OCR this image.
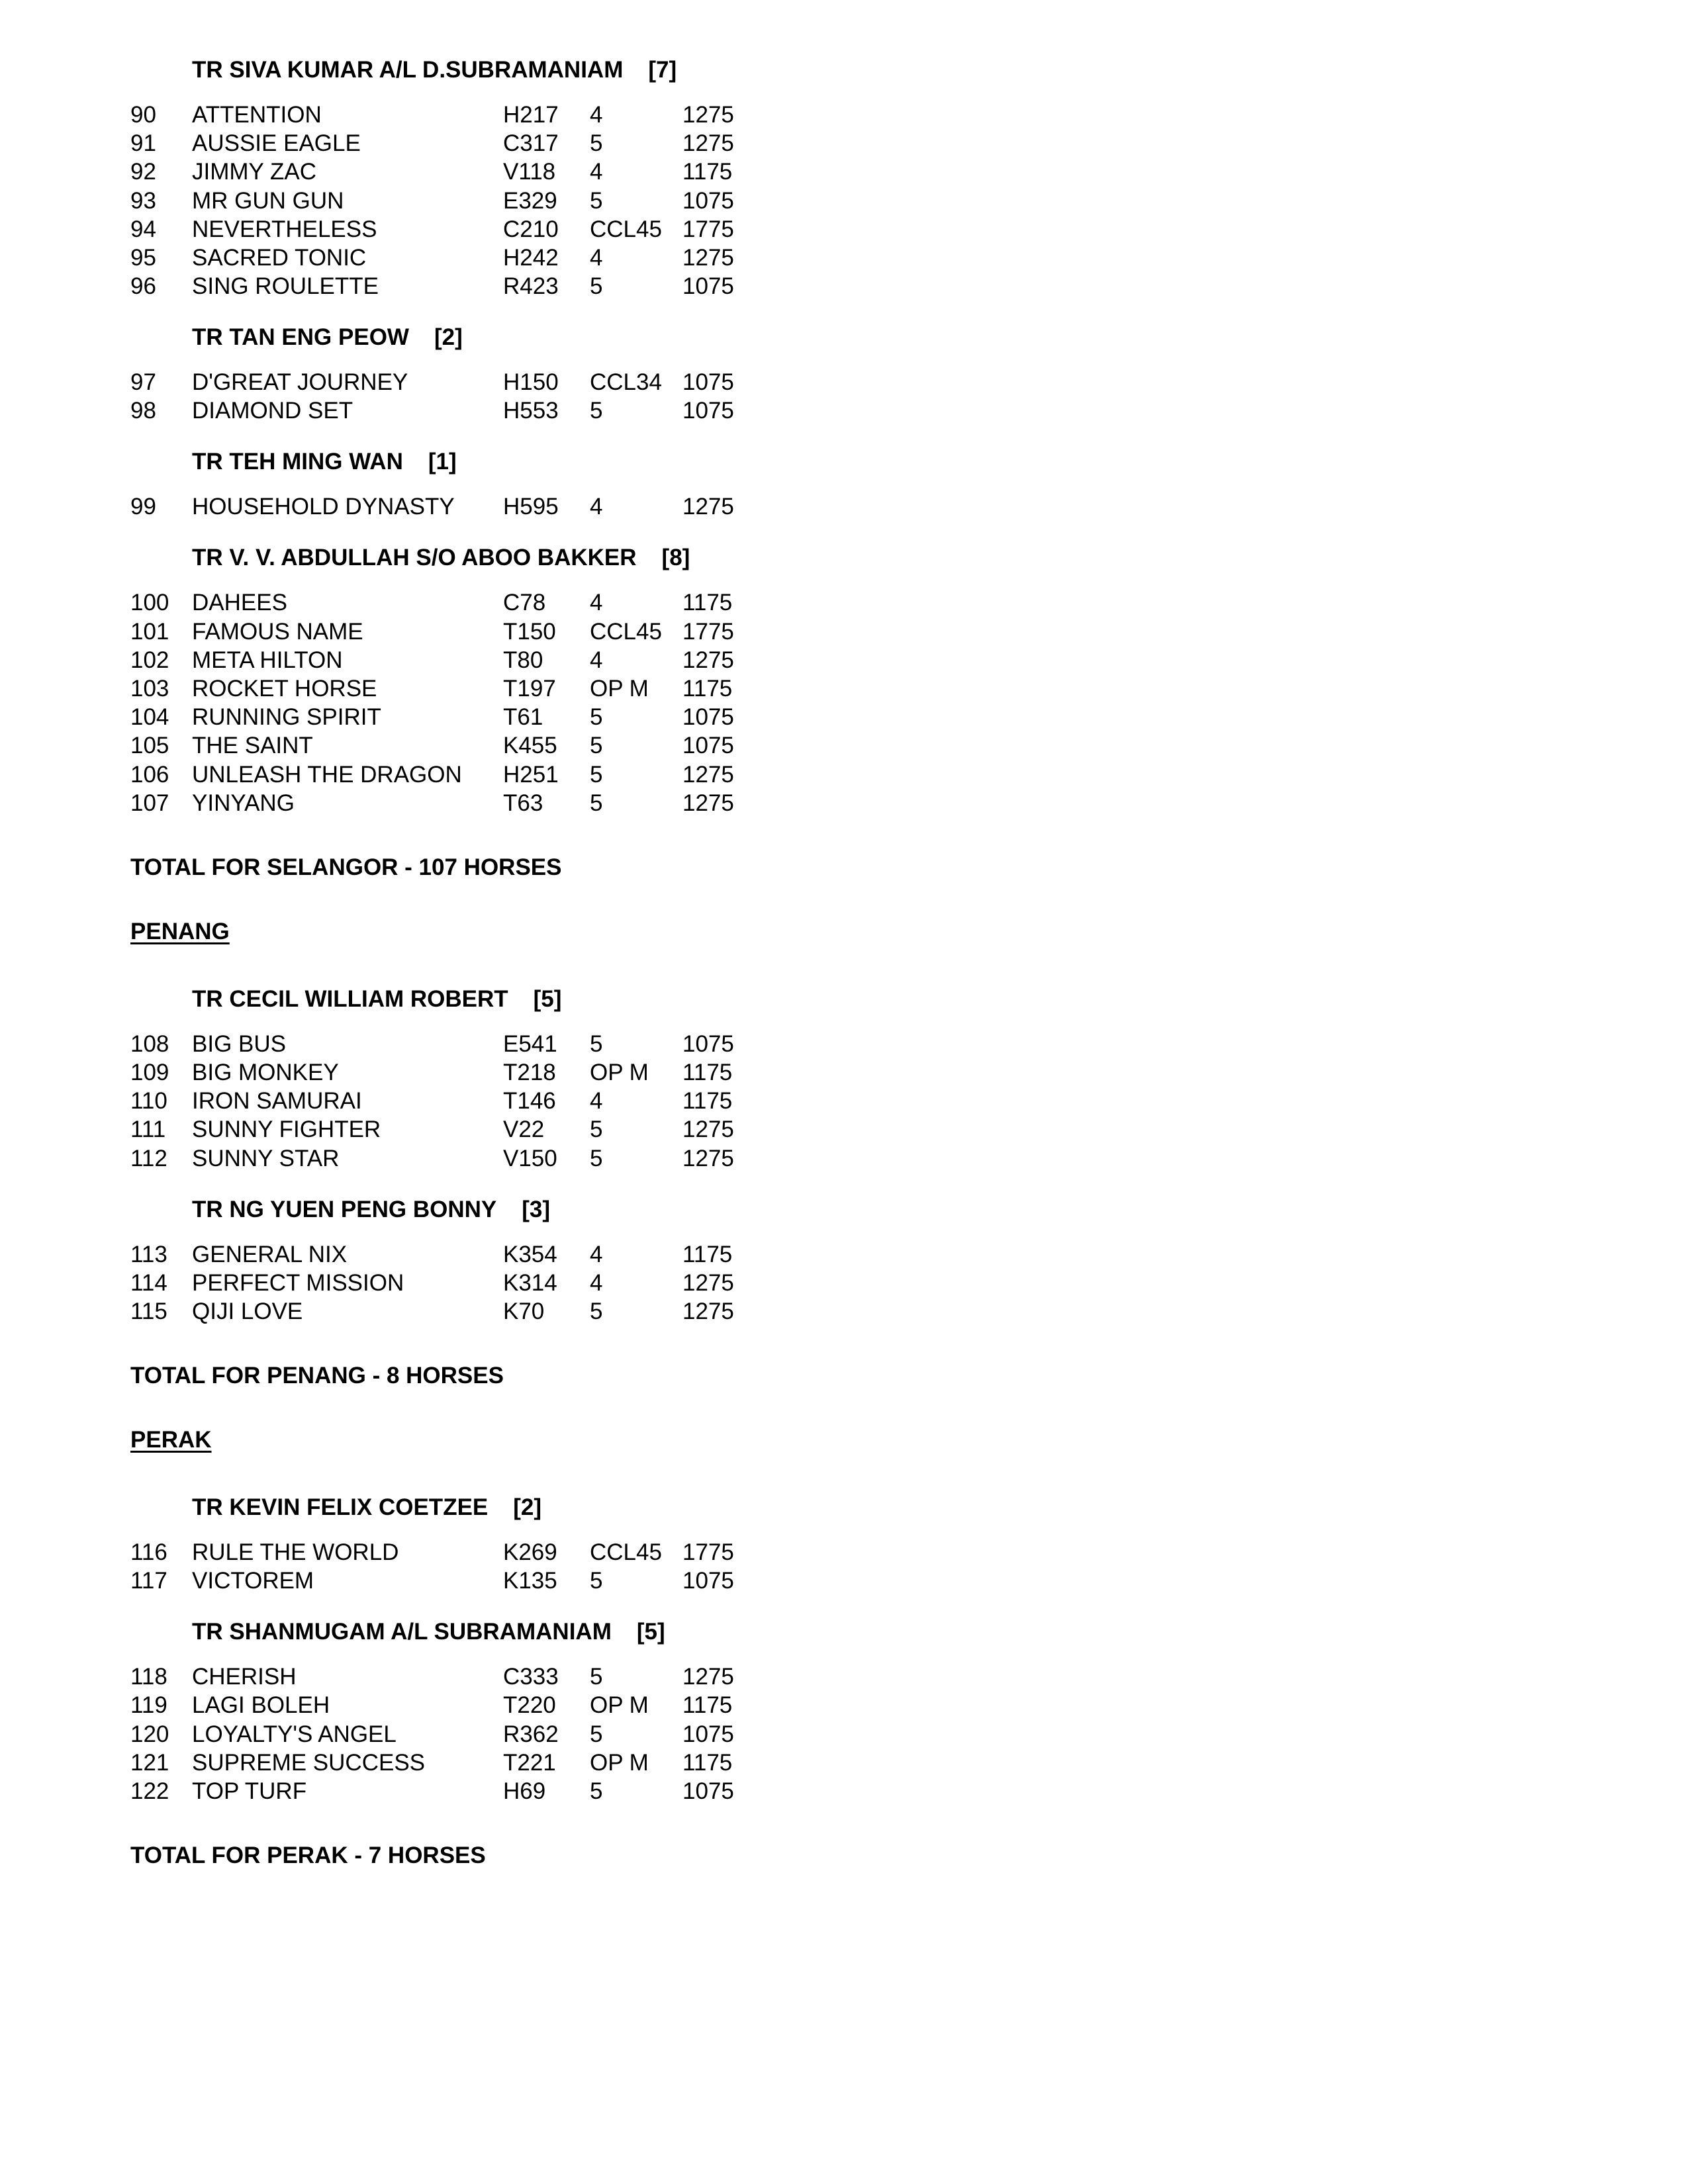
TR SIVA KUMAR A/L D.SUBRAMANIAM [7]
90 ATTENTION	H217 4	1275
91 AUSSIE EAGLE	C317 5	1275
92 JIMMY ZAC	V118 4	1175
93 MR GUN GUN	E329 5	1075
94 NEVERTHELESS	C210 CCL45 1775
95 SACRED TONIC	H242 4	1275
96 SING ROULETTE	R423 5	1075
TR TAN ENG PEOW [2]
97 D'GREAT JOURNEY	H150 CCL34 1075
98 DIAMOND SET	H553 5	1075
TR TEH MING WAN [1]
99 HOUSEHOLD DYNASTY H595 4	1275
TR V. V. ABDULLAH S/O ABOO BAKKER [8]
100 DAHEES	C78 4	1175
101 FAMOUS NAME	T150 CCL45 1775
102 META HILTON	T80 4	1275
103 ROCKET HORSE	T197 OP M 1175
104 RUNNING SPIRIT	T61 5	1075
105 THE SAINT	K455 5	1075
106 UNLEASH THE DRAGON H251 5	1275
107 YINYANG	T63 5	1275
TOTAL FOR SELANGOR - 107 HORSES
PENANG
TR CECIL WILLIAM ROBERT [5]
108 BIG BUS	E541 5	1075
109 BIG MONKEY	T218 OP M 1175
110 IRON SAMURAI	T146 4	1175
111 SUNNY FIGHTER	V22 5	1275
112 SUNNY STAR	V150 5	1275
TR NG YUEN PENG BONNY [3]
113 GENERAL NIX	K354 4	1175
114 PERFECT MISSION	K314 4	1275
115 QIJI LOVE	K70 5	1275
TOTAL FOR PENANG - 8 HORSES
PERAK
TR KEVIN FELIX COETZEE [2]
116 RULE THE WORLD	K269 CCL45 1775
117 VICTOREM	K135 5	1075
TR SHANMUGAM A/L SUBRAMANIAM [5]
118 CHERISH	C333 5	1275
119 LAGI BOLEH	T220 OP M 1175
120 LOYALTY'S ANGEL	R362 5	1075
121 SUPREME SUCCESS	T221 OP M 1175
122 TOP TURF	H69 5	1075
TOTAL FOR PERAK - 7 HORSES
